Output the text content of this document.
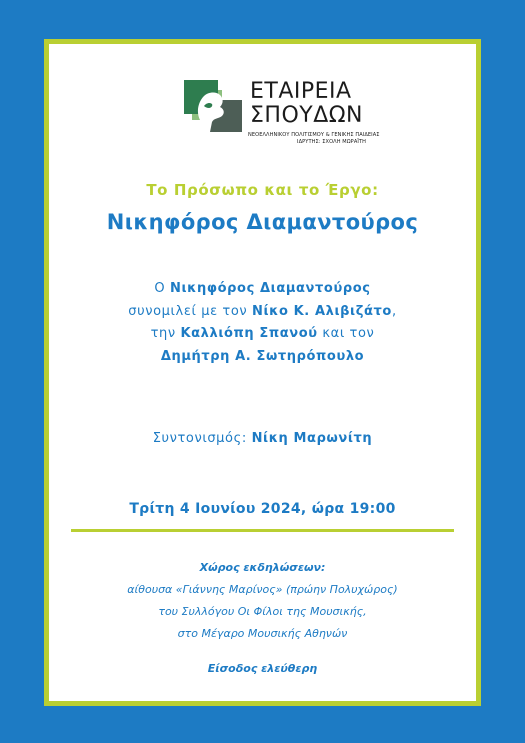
ΕΤΑΙΡΕΙΑ
ΣΠΟΥΔΩΝ
ΝΕΟΕΛΛΗΝΙΚΟΥ ΠΟΛΙΤΙΣΜΟΥ & ΓΕΝΙΚΗΣ ΠΑΙΔΕΙΑΣ
ΙΔΡΥΤΗΣ: ΣΧΟΛΗ ΜΩΡΑΪΤΗ
Το Πρόσωπο και το Έργο:
Νικηφόρος Διαμαντούρος
Ο Νικηφόρος Διαμαντούρος
συνομιλεί με τον Νίκο Κ. Αλιβιζάτο,
την Καλλιόπη Σπανού και τον
Δημήτρη Α. Σωτηρόπουλο
Συντονισμός: Νίκη Μαρωνίτη
Τρίτη 4 Ιουνίου 2024, ώρα 19:00
Χώρος εκδηλώσεων:
αίθουσα «Γιάννης Μαρίνος» (πρώην Πολυχώρος)
του Συλλόγου Οι Φίλοι της Μουσικής,
στο Μέγαρο Μουσικής Αθηνών
Είσοδος ελεύθερη
